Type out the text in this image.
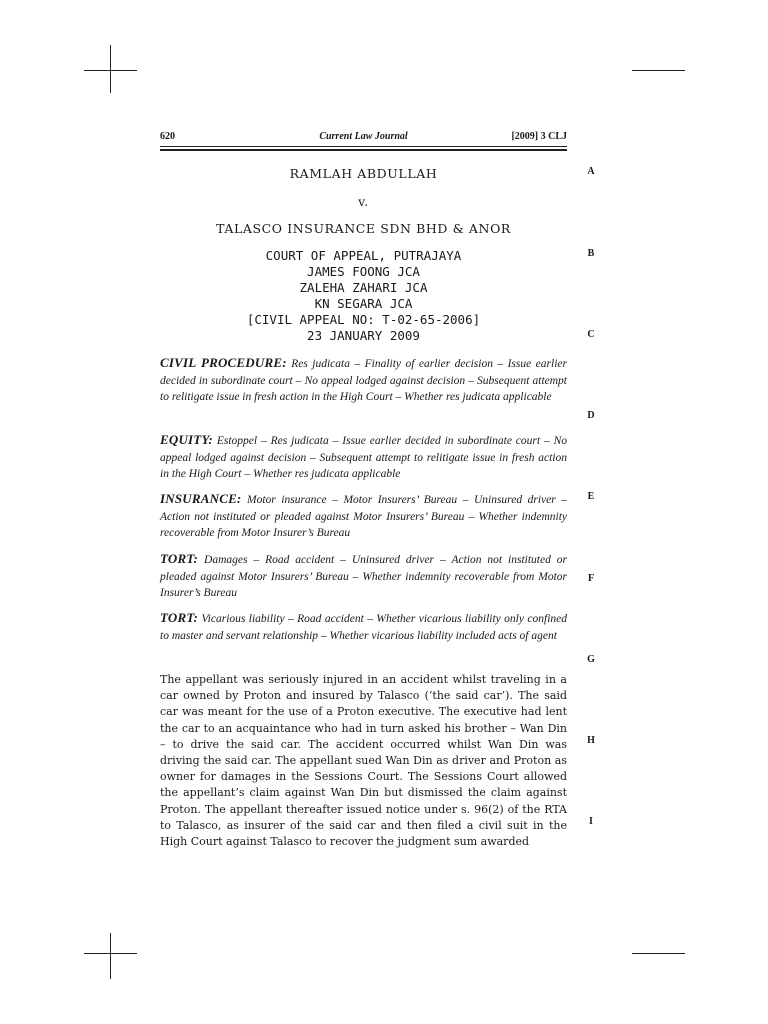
620	Current Law Journal	[2009] 3 CLJ
RAMLAH ABDULLAH
v.
TALASCO INSURANCE SDN BHD & ANOR
COURT OF APPEAL, PUTRAJAYA
JAMES FOONG JCA
ZALEHA ZAHARI JCA
KN SEGARA JCA
[CIVIL APPEAL NO: T-02-65-2006]
23 JANUARY 2009
CIVIL PROCEDURE: Res judicata – Finality of earlier decision – Issue earlier decided in subordinate court – No appeal lodged against decision – Subsequent attempt to relitigate issue in fresh action in the High Court – Whether res judicata applicable
EQUITY: Estoppel – Res judicata – Issue earlier decided in subordinate court – No appeal lodged against decision – Subsequent attempt to relitigate issue in fresh action in the High Court – Whether res judicata applicable
INSURANCE: Motor insurance – Motor Insurers’ Bureau – Uninsured driver – Action not instituted or pleaded against Motor Insurers’ Bureau – Whether indemnity recoverable from Motor Insurer’s Bureau
TORT: Damages – Road accident – Uninsured driver – Action not instituted or pleaded against Motor Insurers’ Bureau – Whether indemnity recoverable from Motor Insurer’s Bureau
TORT: Vicarious liability – Road accident – Whether vicarious liability only confined to master and servant relationship – Whether vicarious liability included acts of agent
The appellant was seriously injured in an accident whilst traveling in a car owned by Proton and insured by Talasco (‘the said car’). The said car was meant for the use of a Proton executive. The executive had lent the car to an acquaintance who had in turn asked his brother – Wan Din – to drive the said car. The accident occurred whilst Wan Din was driving the said car. The appellant sued Wan Din as driver and Proton as owner for damages in the Sessions Court. The Sessions Court allowed the appellant’s claim against Wan Din but dismissed the claim against Proton. The appellant thereafter issued notice under s. 96(2) of the RTA to Talasco, as insurer of the said car and then filed a civil suit in the High Court against Talasco to recover the judgment sum awarded
A
B
C
D
E
F
G
H
I
